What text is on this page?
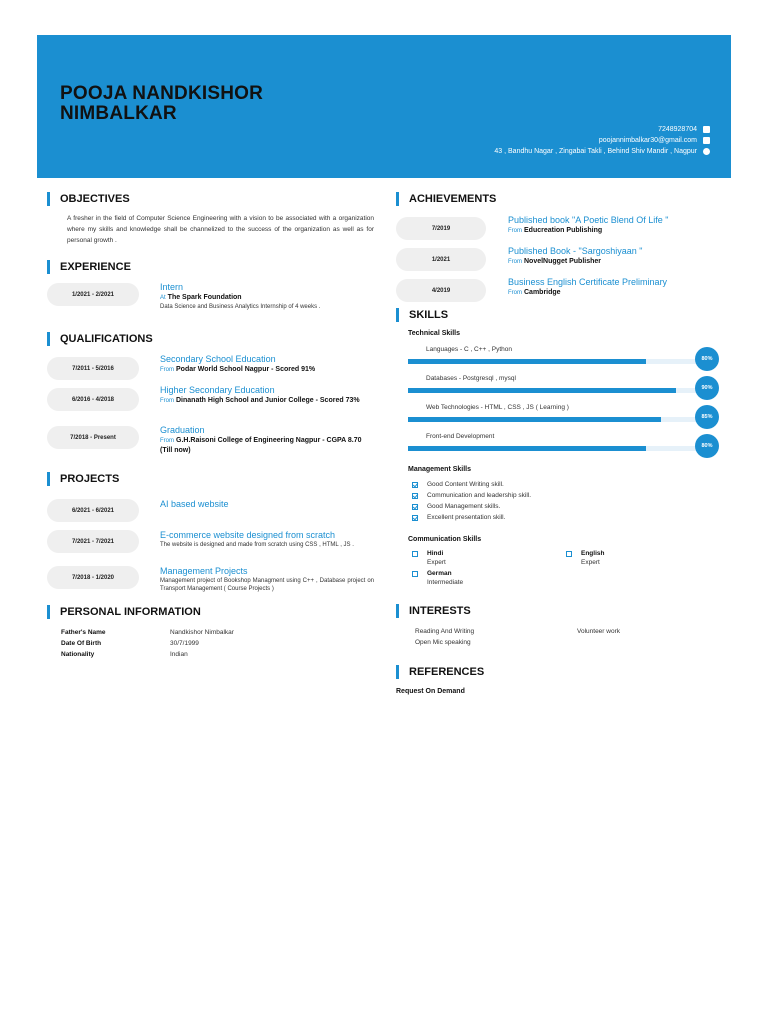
POOJA NANDKISHOR
NIMBALKAR
7248928704
poojannimbalkar30@gmail.com
43 , Bandhu Nagar , Zingabai Takli , Behind Shiv Mandir , Nagpur
OBJECTIVES
A fresher in the field of Computer Science Engineering with a vision to be associated with a organization where my skills and knowledge shall be channelized to the success of the organization as well as for personal growth .
EXPERIENCE
1/2021 - 2/2021
Intern
At The Spark Foundation
Data Science and Business Analytics Internship of 4 weeks .
QUALIFICATIONS
7/2011 - 5/2016
Secondary School Education
From Podar World School Nagpur - Scored 91%
6/2016 - 4/2018
Higher Secondary Education
From Dinanath High School and Junior College - Scored 73%
7/2018 - Present
Graduation
From G.H.Raisoni College of Engineering Nagpur - CGPA 8.70 (Till now)
PROJECTS
6/2021 - 6/2021
AI based website
7/2021 - 7/2021
E-commerce website designed from scratch
The website is designed and made from scratch using CSS , HTML , JS .
7/2018 - 1/2020
Management Projects
Management project of Bookshop Managment using C++ , Database project on Transport Management ( Course Projects )
PERSONAL INFORMATION
Father's Name	Nandkishor Nimbalkar
Date Of Birth	30/7/1999
Nationality	Indian
ACHIEVEMENTS
7/2019
Published book "A Poetic Blend Of Life "
From Educreation Publishing
1/2021
Published Book - "Sargoshiyaan "
From NovelNugget Publisher
4/2019
Business English Certificate Preliminary
From Cambridge
SKILLS
Technical Skills
Languages - C , C++ , Python
80%
Databases - Postgresql , mysql
90%
Web Technologies - HTML , CSS , JS ( Learning )
85%
Front-end Development
80%
Management Skills
Good Content Writing skill.
Communication and leadership skill.
Good Management skills.
Excellent presentation skill.
Communication Skills
Hindi
Expert
English
Expert
German
Intermediate
INTERESTS
Reading And Writing	Volunteer work
Open Mic speaking
REFERENCES
Request On Demand
